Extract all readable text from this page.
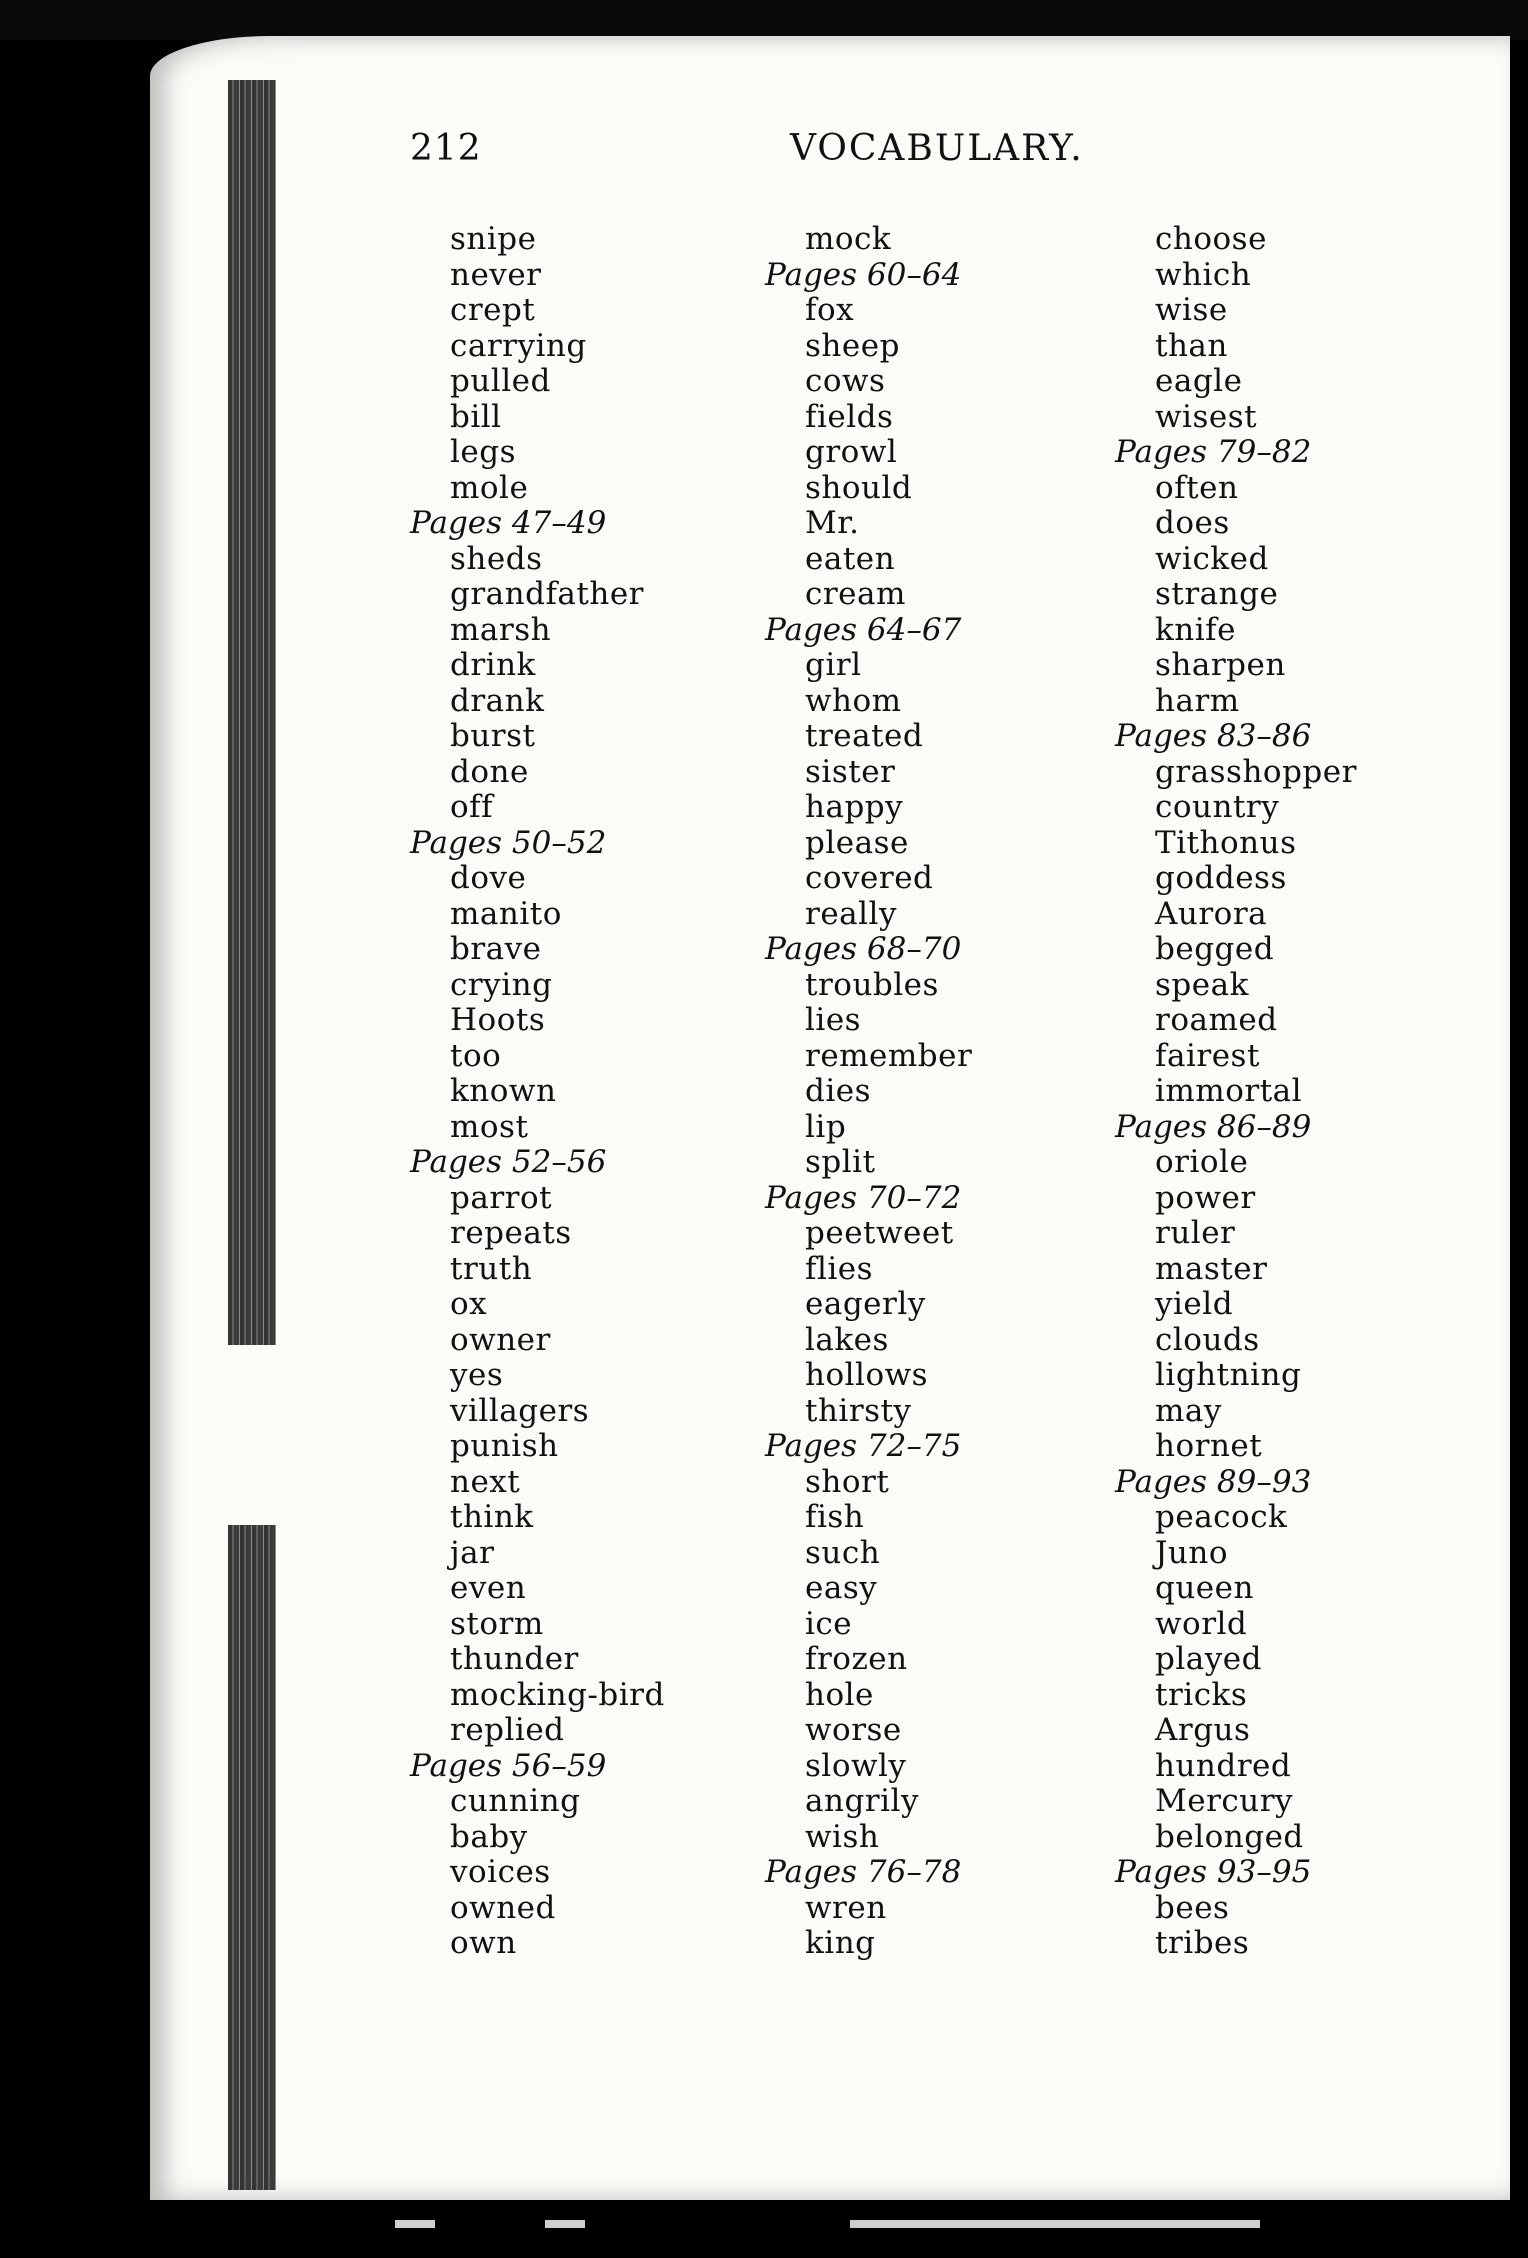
212	VOCABULARY.
snipe
never
crept
carrying
pulled
bill
legs
mole
Pages 47–49
sheds
grandfather
marsh
drink
drank
burst
done
off
Pages 50–52
dove
manito
brave
crying
Hoots
too
known
most
Pages 52–56
parrot
repeats
truth
ox
owner
yes
villagers
punish
next
think
jar
even
storm
thunder
mocking-bird
replied
Pages 56–59
cunning
baby
voices
owned
own
mock
Pages 60–64
fox
sheep
cows
fields
growl
should
Mr.
eaten
cream
Pages 64–67
girl
whom
treated
sister
happy
please
covered
really
Pages 68–70
troubles
lies
remember
dies
lip
split
Pages 70–72
peetweet
flies
eagerly
lakes
hollows
thirsty
Pages 72–75
short
fish
such
easy
ice
frozen
hole
worse
slowly
angrily
wish
Pages 76–78
wren
king
choose
which
wise
than
eagle
wisest
Pages 79–82
often
does
wicked
strange
knife
sharpen
harm
Pages 83–86
grasshopper
country
Tithonus
goddess
Aurora
begged
speak
roamed
fairest
immortal
Pages 86–89
oriole
power
ruler
master
yield
clouds
lightning
may
hornet
Pages 89–93
peacock
Juno
queen
world
played
tricks
Argus
hundred
Mercury
belonged
Pages 93–95
bees
tribes
